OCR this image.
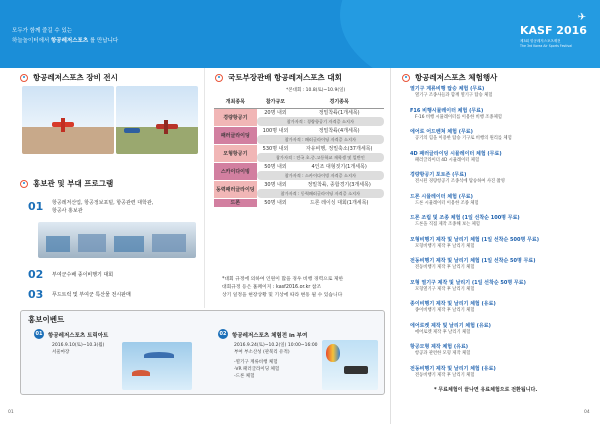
모두가 함께 즐길 수 있는
하늘놀이터에서 항공레저스포츠 를 만납니다
✈
KASF 2016
제3회 항공레저스포츠제전
The 3rd Korea Air Sports Festival
항공레저스포츠 장비 전시
홍보관 및 부대 프로그램
01 항공레저산업, 항공정보포털, 항공관련 대학관,
항공사 홍보관
02 부여군수배 종이비행기 대회
03 푸드트럭 및 부여군 특산물 전시판매
국토부장관배 항공레저스포츠 대회
*본대회 : 10.8(토)~10.9(일)
개최종목	참가규모	경기종목
경량항공기	20명 내외	정밀착륙(1개세목)
	참가자격 : 경량항공기 자격증 소지자	
패러글라이딩	100명 내외	정밀착륙(4개세목)
	참가자격 : 패러글라이딩 자격증 소지자	
모형항공기	530명 내외	자유비행, 정밀축소(37개세목)
	참가자격 : 전국 초.중.고등학교 재학생 및 일반인	
스카이다이빙	50명 내외	4인조 대형짓기(1개세목)
	참가자격 : 스카이다이빙 자격증 소지자	
동력패러글라이딩	30명 내외	정밀착륙, 종합경기(3개세목)
	참가자격 : 동력패러글라이딩 자격증 소지자	
드론	50명 내외	드론 레이싱 대회(1개세목)
*대회 규정에 의하여 인원이 많을 경우 비행 경력으로 제한
대회규정 등은 홈페이지 : kasf2016.or.kr 참조
상기 일정을 현장상황 및 기상에 따라 변동 될 수 있습니다
항공레저스포츠 체험행사
열기구 계류비행 탑승 체험 (무료)
열기구 조종사들과 함께 열기구 탑승 체험
F16 비행시뮬레이터 체험 (무료)
F-16 비행 시뮬레이터를 이용한 비행 조종체험
에어로 어드벤쳐 체험 (무료)
공기의 힘을 이용한 탑승 기구로 비행의 원리를 체험
4D 패러글라이딩 시뮬레이터 체험 (무료)
패러글라이더 4D 시뮬레이터 체험
경량항공기 포토존 (무료)
전시된 경량항공기 조종석에 탑승하여 사진 촬영
드론 시뮬레이터 체험 (무료)
드론 시뮬레이터 이용한 조종 체험
드론 조립 및 조종 체험 (1일 선착순 100명 무료)
드론을 직접 제작 조종해 보는 체험
모형비행기 제작 및 날리기 체험 (1일 선착순 500명 무료)
모형비행기 제작 후 날리기 체험
전동비행기 제작 및 날리기 체험 (1일 선착순 50명 무료)
전동비행기 제작 후 날리기 체험
모형 열기구 제작 및 날리기 (1일 선착순 50명 무료)
모형열기구 제작 후 날리기 체험
종이비행기 제작 및 날리기 체험 (유료)
종이비행기 제작 후 날리기 체험
에어로켓 제작 및 날리기 체험 (유료)
에어로켓 제작 후 날리기 체험
항공모형 제작 체험 (유료)
항공과 관련한 모형 제작 체험
전동비행기 제작 및 날리기 체험 (유료)
전동비행기 제작 후 날리기 체험
* 무료체험이 끝나면 유료체험으로 전환됩니다.
홍보이벤트
01 항공레저스포츠 트릭아트
2016.9.10(토)~10.3(월)
서울마장
02 항공레저스포츠 체험전 in 부여
2016.9.24(토)~10.2(일) 10:00~16:00
부여 부소산성 (관북리 유적)
-열기구 계류비행 체험
-VR 패러글라이딩 체험
-드론 체험
01	04
